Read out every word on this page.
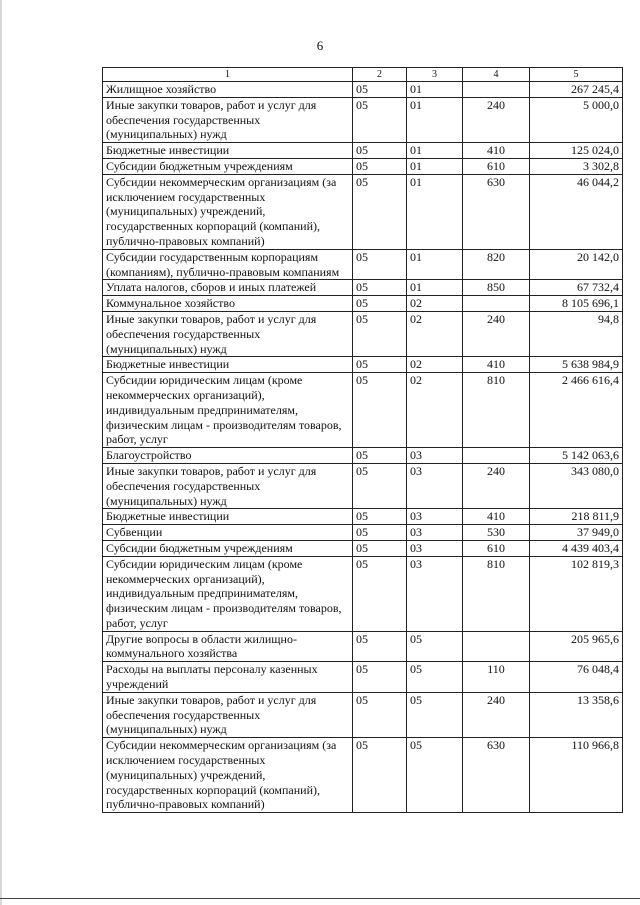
6
1	2	3	4	5
Жилищное хозяйство	05	01		267 245,4
Иные закупки товаров, работ и услуг для обеспечения государственных (муниципальных) нужд	05	01	240	5 000,0
Бюджетные инвестиции	05	01	410	125 024,0
Субсидии бюджетным учреждениям	05	01	610	3 302,8
Субсидии некоммерческим организациям (за исключением государственных (муниципальных) учреждений, государственных корпораций (компаний), публично-правовых компаний)	05	01	630	46 044,2
Субсидии государственным корпорациям (компаниям), публично-правовым компаниям	05	01	820	20 142,0
Уплата налогов, сборов и иных платежей	05	01	850	67 732,4
Коммунальное хозяйство	05	02		8 105 696,1
Иные закупки товаров, работ и услуг для обеспечения государственных (муниципальных) нужд	05	02	240	94,8
Бюджетные инвестиции	05	02	410	5 638 984,9
Субсидии юридическим лицам (кроме некоммерческих организаций), индивидуальным предпринимателям, физическим лицам - производителям товаров, работ, услуг	05	02	810	2 466 616,4
Благоустройство	05	03		5 142 063,6
Иные закупки товаров, работ и услуг для обеспечения государственных (муниципальных) нужд	05	03	240	343 080,0
Бюджетные инвестиции	05	03	410	218 811,9
Субвенции	05	03	530	37 949,0
Субсидии бюджетным учреждениям	05	03	610	4 439 403,4
Субсидии юридическим лицам (кроме некоммерческих организаций), индивидуальным предпринимателям, физическим лицам - производителям товаров, работ, услуг	05	03	810	102 819,3
Другие вопросы в области жилищно-коммунального хозяйства	05	05		205 965,6
Расходы на выплаты персоналу казенных учреждений	05	05	110	76 048,4
Иные закупки товаров, работ и услуг для обеспечения государственных (муниципальных) нужд	05	05	240	13 358,6
Субсидии некоммерческим организациям (за исключением государственных (муниципальных) учреждений, государственных корпораций (компаний), публично-правовых компаний)	05	05	630	110 966,8
